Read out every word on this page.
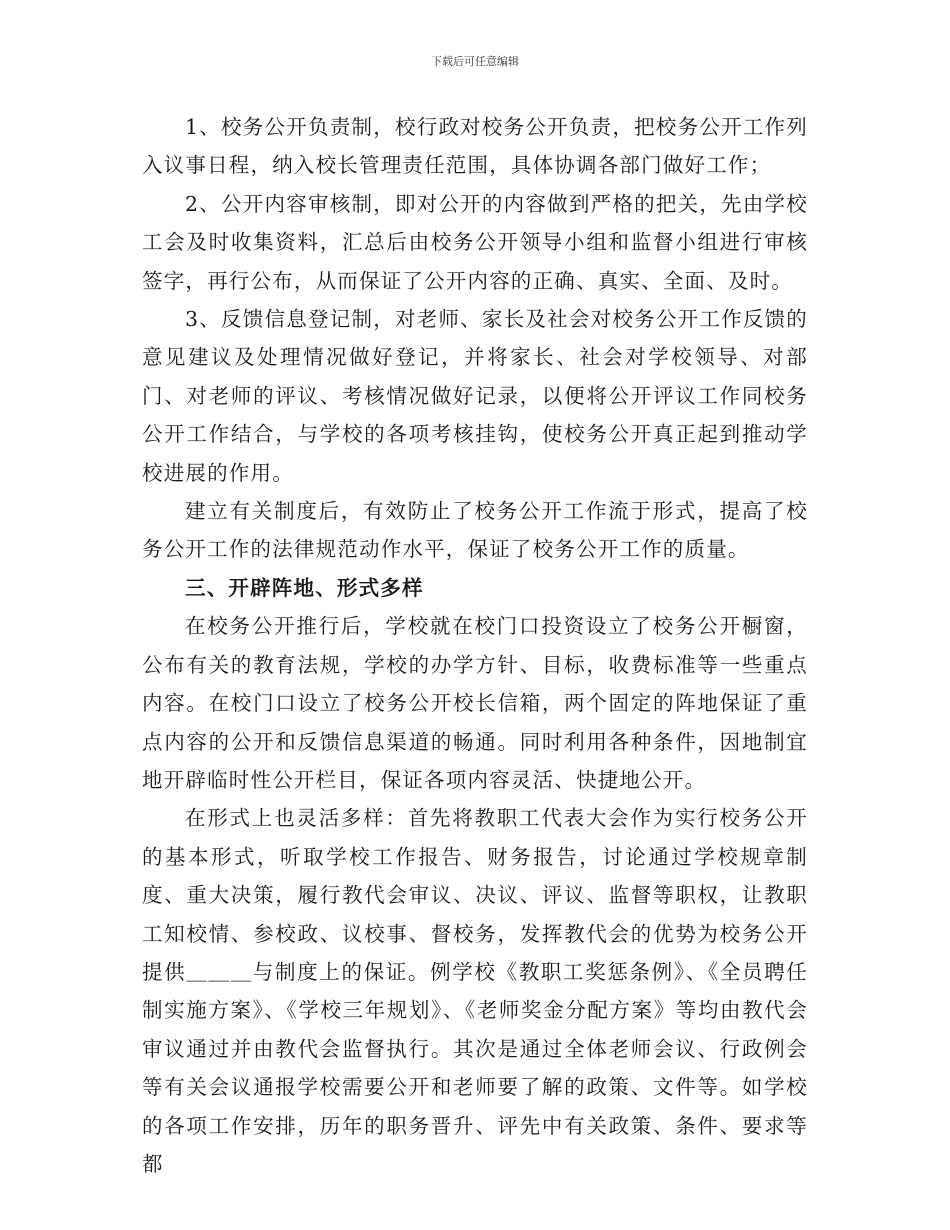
下载后可任意编辑

1、校务公开负责制，校行政对校务公开负责，把校务公开工作列入议事日程，纳入校长管理责任范围，具体协调各部门做好工作；

2、公开内容审核制，即对公开的内容做到严格的把关，先由学校工会及时收集资料，汇总后由校务公开领导小组和监督小组进行审核签字，再行公布，从而保证了公开内容的正确、真实、全面、及时。

3、反馈信息登记制，对老师、家长及社会对校务公开工作反馈的意见建议及处理情况做好登记，并将家长、社会对学校领导、对部门、对老师的评议、考核情况做好记录，以便将公开评议工作同校务公开工作结合，与学校的各项考核挂钩，使校务公开真正起到推动学校进展的作用。

建立有关制度后，有效防止了校务公开工作流于形式，提高了校务公开工作的法律规范动作水平，保证了校务公开工作的质量。

三、开辟阵地、形式多样

在校务公开推行后，学校就在校门口投资设立了校务公开橱窗，公布有关的教育法规，学校的办学方针、目标，收费标准等一些重点内容。在校门口设立了校务公开校长信箱，两个固定的阵地保证了重点内容的公开和反馈信息渠道的畅通。同时利用各种条件，因地制宜地开辟临时性公开栏目，保证各项内容灵活、快捷地公开。

在形式上也灵活多样：首先将教职工代表大会作为实行校务公开的基本形式，听取学校工作报告、财务报告，讨论通过学校规章制度、重大决策，履行教代会审议、决议、评议、监督等职权，让教职工知校情、参校政、议校事、督校务，发挥教代会的优势为校务公开提供＿＿＿与制度上的保证。例学校《教职工奖惩条例》、《全员聘任制实施方案》、《学校三年规划》、《老师奖金分配方案》等均由教代会审议通过并由教代会监督执行。其次是通过全体老师会议、行政例会等有关会议通报学校需要公开和老师要了解的政策、文件等。如学校的各项工作安排，历年的职务晋升、评先中有关政策、条件、要求等都
